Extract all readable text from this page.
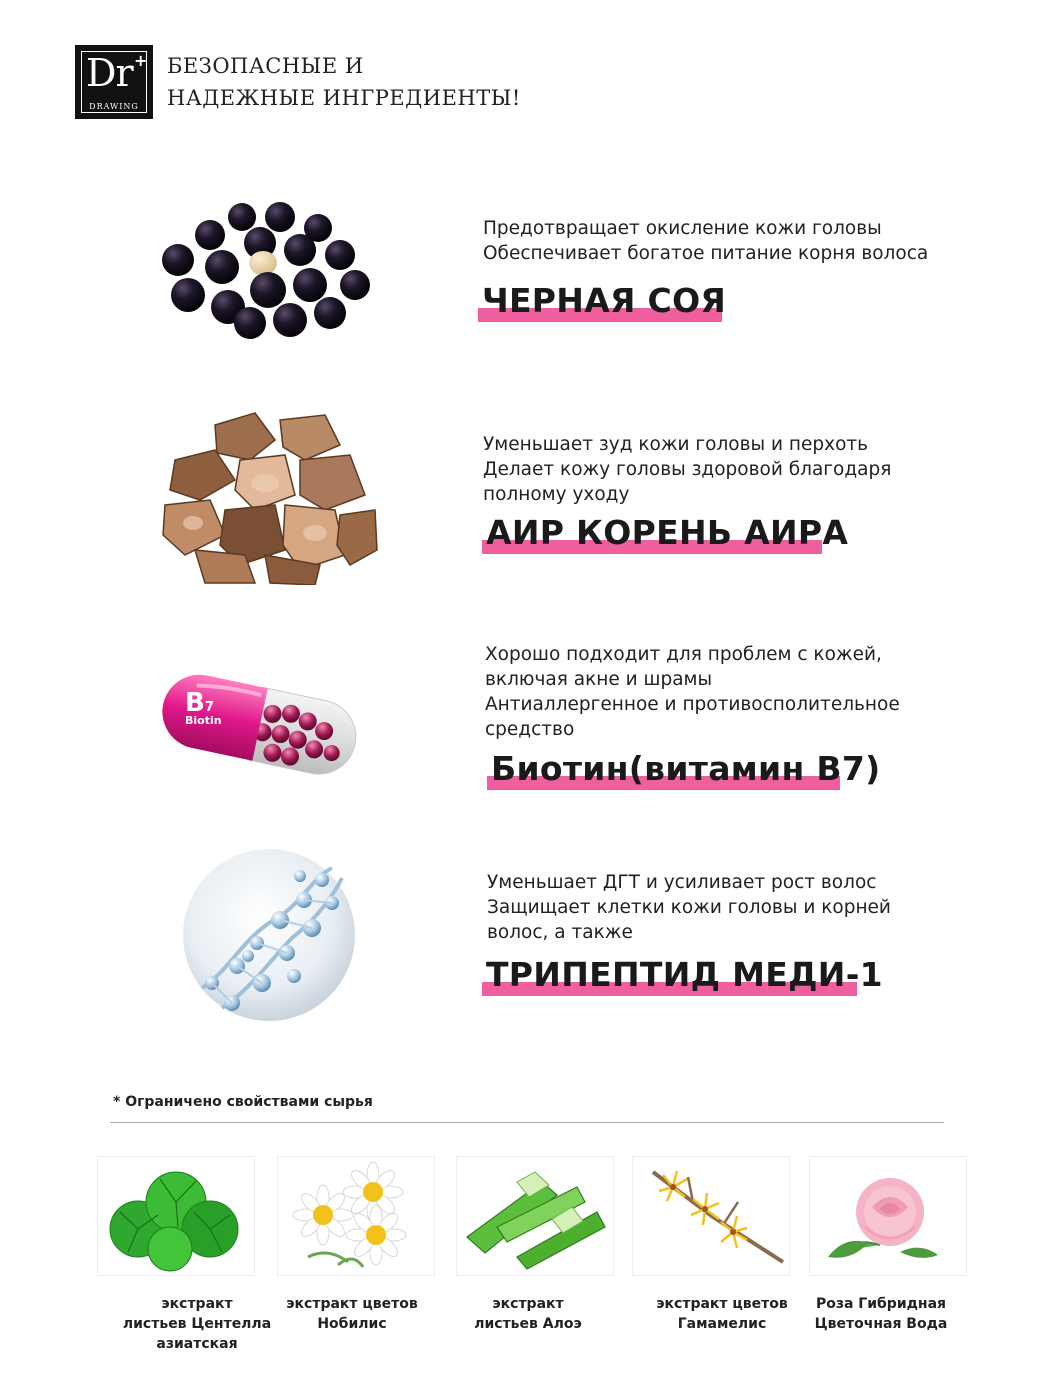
Dr +
DRAWING
БЕЗОПАСНЫЕ И
НАДЕЖНЫЕ ИНГРЕДИЕНТЫ!
Предотвращает окисление кожи головы
Обеспечивает богатое питание корня волоса
ЧЕРНАЯ СОЯ
Уменьшает зуд кожи головы и перхоть
Делает кожу головы здоровой благодаря
полному уходу
АИР КОРЕНЬ АИРА
B7
Biotin
Хорошо подходит для проблем с кожей,
включая акне и шрамы
Антиаллергенное и противосполительное
средство
Биотин(витамин B7)
Уменьшает ДГТ и усиливает рост волос
Защищает клетки кожи головы и корней
волос, а также
ТРИПЕПТИД МЕДИ-1
* Ограничено свойствами сырья
экстракт
листьев Центелла
азиатская
экстракт цветов
Нобилис
экстракт
листьев Алоэ
экстракт цветов
Гамамелис
Роза Гибридная
Цветочная Вода
